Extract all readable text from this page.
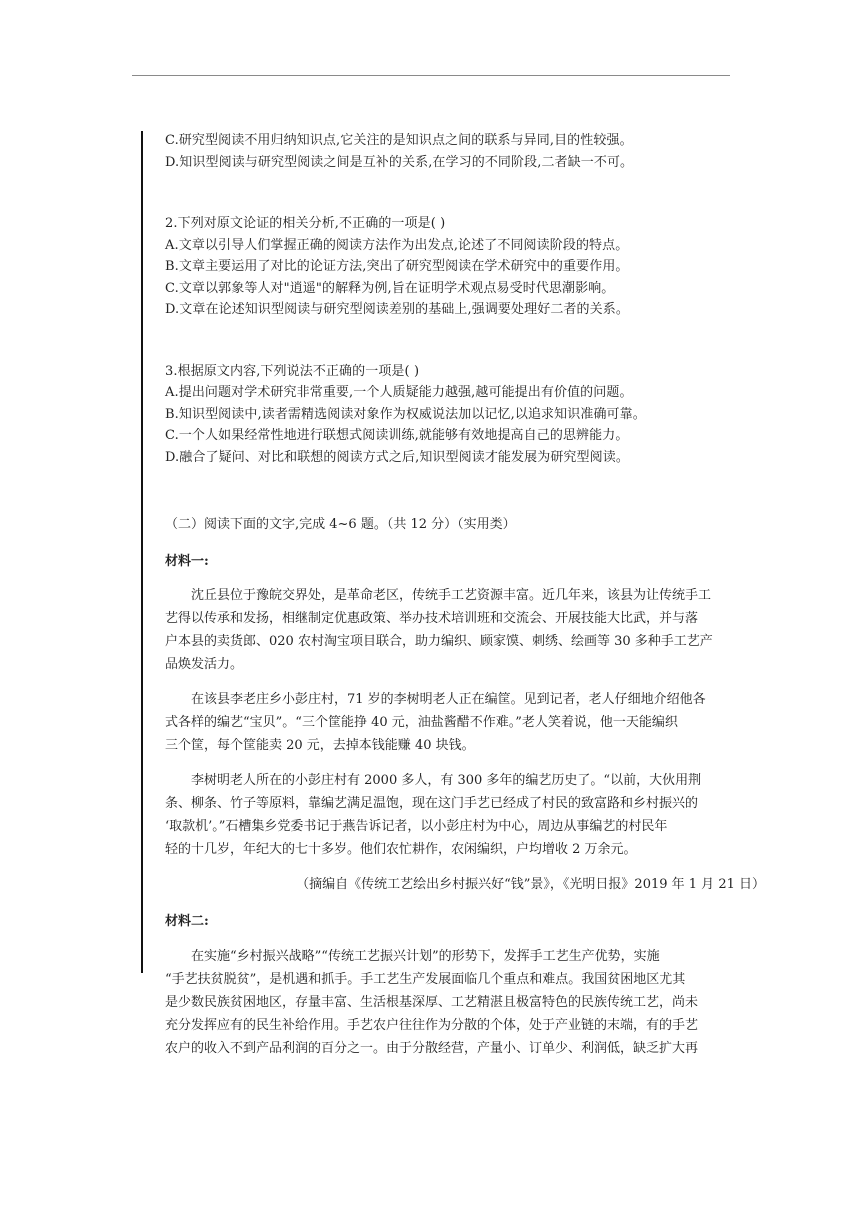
C.研究型阅读不用归纳知识点,它关注的是知识点之间的联系与异同,目的性较强。
D.知识型阅读与研究型阅读之间是互补的关系,在学习的不同阶段,二者缺一不可。
2.下列对原文论证的相关分析,不正确的一项是( )
A.文章以引导人们掌握正确的阅读方法作为出发点,论述了不同阅读阶段的特点。
B.文章主要运用了对比的论证方法,突出了研究型阅读在学术研究中的重要作用。
C.文章以郭象等人对"逍遥"的解释为例,旨在证明学术观点易受时代思潮影响。
D.文章在论述知识型阅读与研究型阅读差别的基础上,强调要处理好二者的关系。
3.根据原文内容,下列说法不正确的一项是( )
A.提出问题对学术研究非常重要,一个人质疑能力越强,越可能提出有价值的问题。
B.知识型阅读中,读者需精选阅读对象作为权威说法加以记忆,以追求知识准确可靠。
C.一个人如果经常性地进行联想式阅读训练,就能够有效地提高自己的思辨能力。
D.融合了疑问、对比和联想的阅读方式之后,知识型阅读才能发展为研究型阅读。
（二）阅读下面的文字,完成 4~6 题。（共 12 分）（实用类）
材料一:
沈丘县位于豫皖交界处，是革命老区，传统手工艺资源丰富。近几年来，该县为让传统手工
艺得以传承和发扬，相继制定优惠政策、举办技术培训班和交流会、开展技能大比武，并与落
户本县的卖货郎、020 农村淘宝项目联合，助力编织、顾家馍、刺绣、绘画等 30 多种手工艺产
品焕发活力。
在该县李老庄乡小彭庄村，71 岁的李树明老人正在编筐。见到记者，老人仔细地介绍他各
式各样的编艺“宝贝”。“三个筐能挣 40 元，油盐酱醋不作难。”老人笑着说，他一天能编织
三个筐，每个筐能卖 20 元，去掉本钱能赚 40 块钱。
李树明老人所在的小彭庄村有 2000 多人，有 300 多年的编艺历史了。“以前，大伙用荆
条、柳条、竹子等原料，靠编艺满足温饱，现在这门手艺已经成了村民的致富路和乡村振兴的
‘取款机’。”石槽集乡党委书记于燕告诉记者，以小彭庄村为中心，周边从事编艺的村民年
轻的十几岁，年纪大的七十多岁。他们农忙耕作，农闲编织，户均增收 2 万余元。
（摘编自《传统工艺绘出乡村振兴好“钱”景》，《光明日报》2019 年 1 月 21 日）
材料二:
在实施“乡村振兴战略”“传统工艺振兴计划”的形势下，发挥手工艺生产优势，实施
“手艺扶贫脱贫”，是机遇和抓手。手工艺生产发展面临几个重点和难点。我国贫困地区尤其
是少数民族贫困地区，存量丰富、生活根基深厚、工艺精湛且极富特色的民族传统工艺，尚未
充分发挥应有的民生补给作用。手艺农户往往作为分散的个体，处于产业链的末端，有的手艺
农户的收入不到产品利润的百分之一。由于分散经营，产量小、订单少、利润低，缺乏扩大再
